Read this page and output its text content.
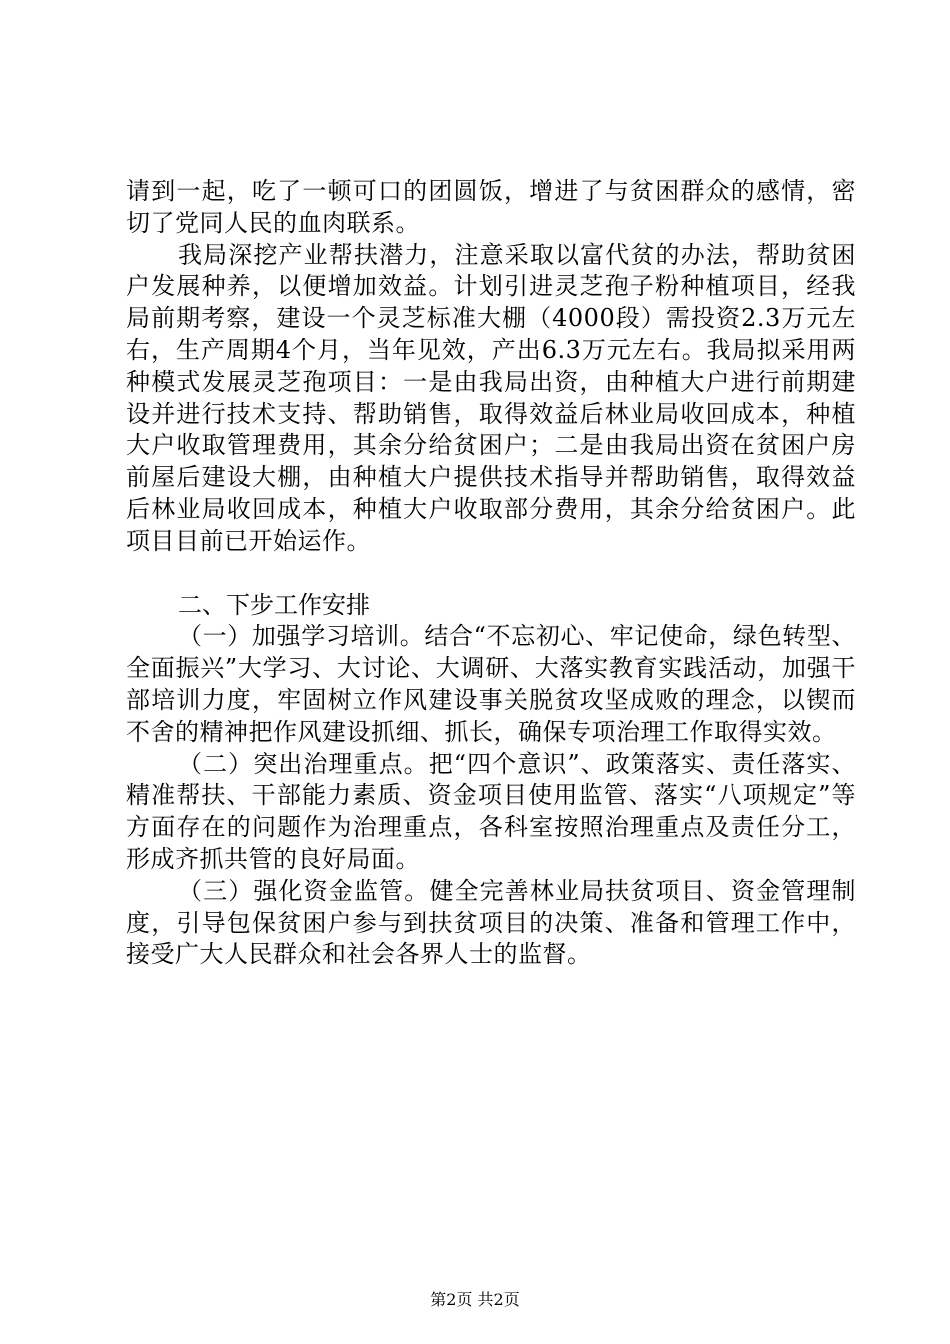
请到一起，吃了一顿可口的团圆饭，增进了与贫困群众的感情，密切了党同人民的血肉联系。

我局深挖产业帮扶潜力，注意采取以富代贫的办法，帮助贫困户发展种养，以便增加效益。计划引进灵芝孢子粉种植项目，经我局前期考察，建设一个灵芝标准大棚（4000段）需投资2.3万元左右，生产周期4个月，当年见效，产出6.3万元左右。我局拟采用两种模式发展灵芝孢项目：一是由我局出资，由种植大户进行前期建设并进行技术支持、帮助销售，取得效益后林业局收回成本，种植大户收取管理费用，其余分给贫困户；二是由我局出资在贫困户房前屋后建设大棚，由种植大户提供技术指导并帮助销售，取得效益后林业局收回成本，种植大户收取部分费用，其余分给贫困户。此项目目前已开始运作。

二、下步工作安排

（一）加强学习培训。结合“不忘初心、牢记使命，绿色转型、全面振兴”大学习、大讨论、大调研、大落实教育实践活动，加强干部培训力度，牢固树立作风建设事关脱贫攻坚成败的理念，以锲而不舍的精神把作风建设抓细、抓长，确保专项治理工作取得实效。

（二）突出治理重点。把“四个意识”、政策落实、责任落实、精准帮扶、干部能力素质、资金项目使用监管、落实“八项规定”等方面存在的问题作为治理重点，各科室按照治理重点及责任分工，形成齐抓共管的良好局面。

（三）强化资金监管。健全完善林业局扶贫项目、资金管理制度，引导包保贫困户参与到扶贫项目的决策、准备和管理工作中，接受广大人民群众和社会各界人士的监督。

第2页 共2页
